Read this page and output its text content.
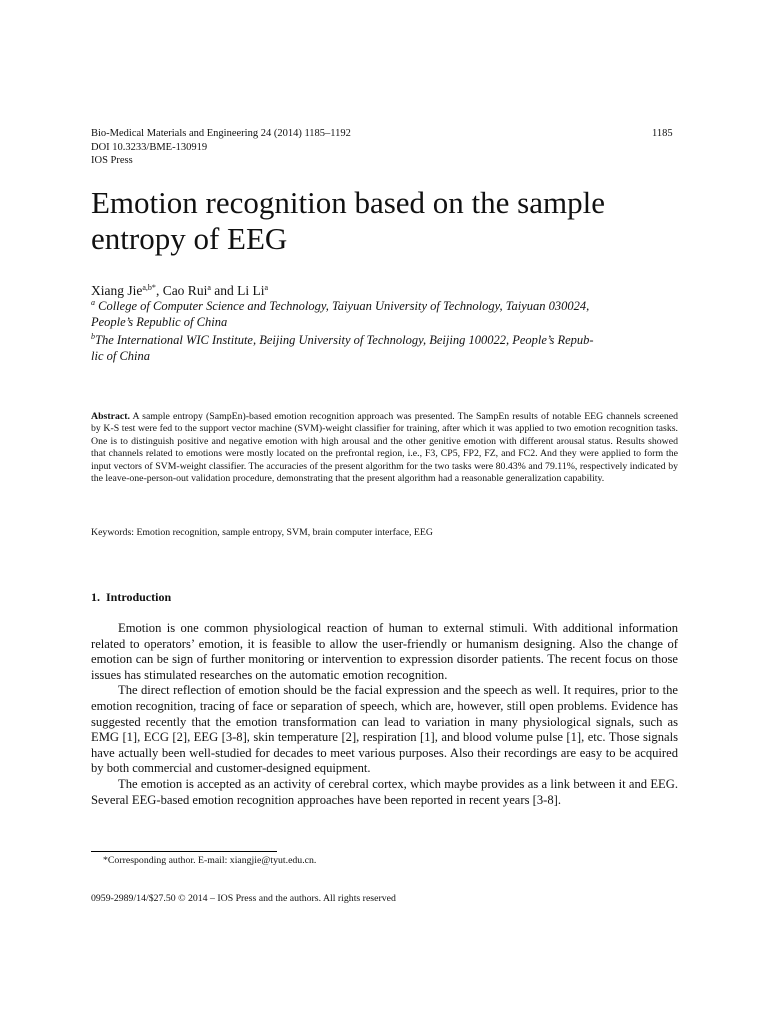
Bio-Medical Materials and Engineering 24 (2014) 1185–1192
DOI 10.3233/BME-130919
IOS Press
1185
Emotion recognition based on the sample
entropy of EEG
Xiang Jie$^{a,b*}$, Cao Rui$^a$ and Li Li$^a$
$^a$ College of Computer Science and Technology, Taiyuan University of Technology, Taiyuan 030024,
People’s Republic of China
$^b$The International WIC Institute, Beijing University of Technology, Beijing 100022, People’s Repub-
lic of China
Abstract. A sample entropy (SampEn)-based emotion recognition approach was presented. The SampEn results of notable EEG channels screened by K-S test were fed to the support vector machine (SVM)-weight classifier for training, after which it was applied to two emotion recognition tasks. One is to distinguish positive and negative emotion with high arousal and the other genitive emotion with different arousal status. Results showed that channels related to emotions were mostly located on the prefrontal region, i.e., F3, CP5, FP2, FZ, and FC2. And they were applied to form the input vectors of SVM-weight classifier. The accuracies of the present algorithm for the two tasks were 80.43% and 79.11%, respectively indicated by the leave-one-person-out validation procedure, demonstrating that the present algorithm had a reasonable generalization capability.
Keywords: Emotion recognition, sample entropy, SVM, brain computer interface, EEG
1.  Introduction

Emotion is one common physiological reaction of human to external stimuli. With additional information related to operators’ emotion, it is feasible to allow the user-friendly or humanism designing. Also the change of emotion can be sign of further monitoring or intervention to expression disorder patients. The recent focus on those issues has stimulated researches on the automatic emotion recognition.

The direct reflection of emotion should be the facial expression and the speech as well. It requires, prior to the emotion recognition, tracing of face or separation of speech, which are, however, still open problems. Evidence has suggested recently that the emotion transformation can lead to variation in many physiological signals, such as EMG [1], ECG [2], EEG [3-8], skin temperature [2], respiration [1], and blood volume pulse [1], etc. Those signals have actually been well-studied for decades to meet various purposes. Also their recordings are easy to be acquired by both commercial and customer-designed equipment.

The emotion is accepted as an activity of cerebral cortex, which maybe provides as a link between it and EEG. Several EEG-based emotion recognition approaches have been reported in recent years [3-8].

*Corresponding author. E-mail: xiangjie@tyut.edu.cn.
0959-2989/14/$27.50 © 2014 – IOS Press and the authors. All rights reserved
